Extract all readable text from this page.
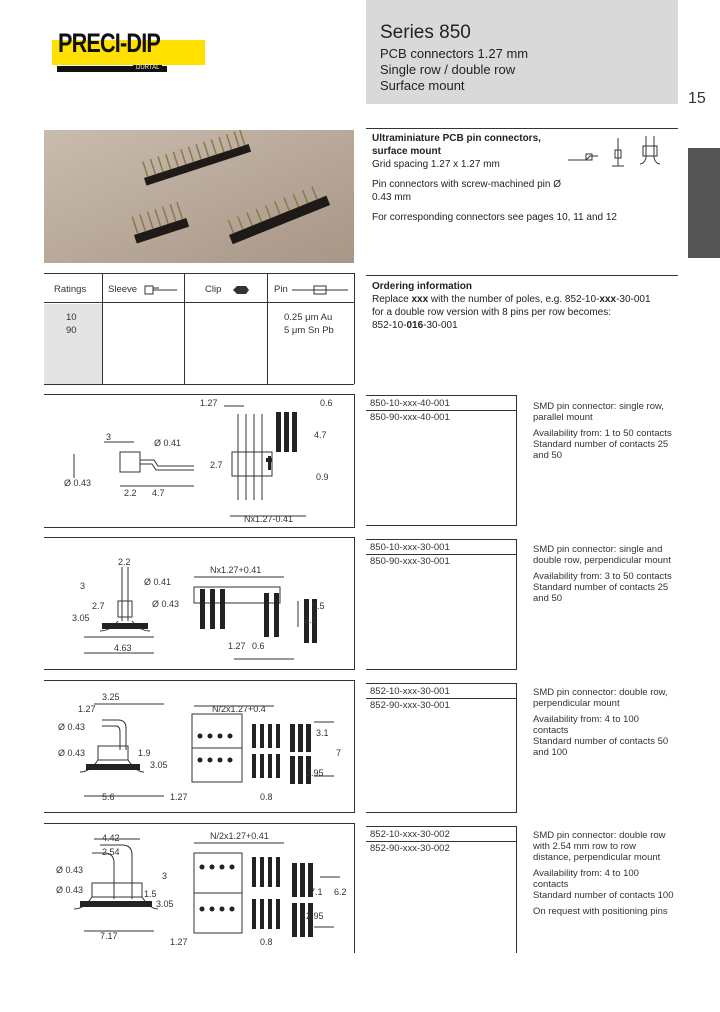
PRECI-DIP
DURTAL
Series 850
PCB connectors 1.27 mm
Single row / double row
Surface mount
15
Ultraminiature PCB pin connectors,
surface mount
Grid spacing 1.27 x 1.27 mm
Pin connectors with screw-machined pin Ø 0.43 mm
For corresponding connectors see pages 10, 11 and 12
Ratings Sleeve	Clip	Pin
10
90
0.25 μm Au
5 μm Sn Pb
Ordering information
Replace xxx with the number of poles, e.g. 852-10-xxx-30-001
for a double row version with 8 pins per row becomes:
852-10-016-30-001
1.27	0.6
3
Ø 0.41
4.7
2.7
Ø 0.43
2.2 4.7
0.9
Nx1.27-0.41
850-10-xxx-40-001
850-90-xxx-40-001
SMD pin connector: single row,
parallel mount
Availability from: 1 to 50 contacts
Standard number of contacts 25
and 50
2.2
Ø 0.41
3
2.7	Ø 0.43
3.05
4.63
Nx1.27+0.41
5.5
3.1
1.27 0.6
850-10-xxx-30-001
850-90-xxx-30-001
SMD pin connector: single and
double row, perpendicular mount
Availability from: 3 to 50 contacts
Standard number of contacts 25
and 50
3.25
1.27
Ø 0.43
Ø 0.43	1.9
3.05
5.6	1.27
N/2x1.27+0.4
3.1
7
2.95
0.8
852-10-xxx-30-001
852-90-xxx-30-001
SMD pin connector: double row,
perpendicular mount
Availability from: 4 to 100
contacts
Standard number of contacts 50
and 100
4.42
2.54
Ø 0.43
Ø 0.43
3
1.5
3.05
7.17
1.27
N/2x1.27+0.41
7.1 6.2
2.95
0.8
852-10-xxx-30-002
852-90-xxx-30-002
SMD pin connector: double row
with 2.54 mm row to row
distance, perpendicular mount
Availability from: 4 to 100
contacts
Standard number of contacts 100
On request with positioning pins
